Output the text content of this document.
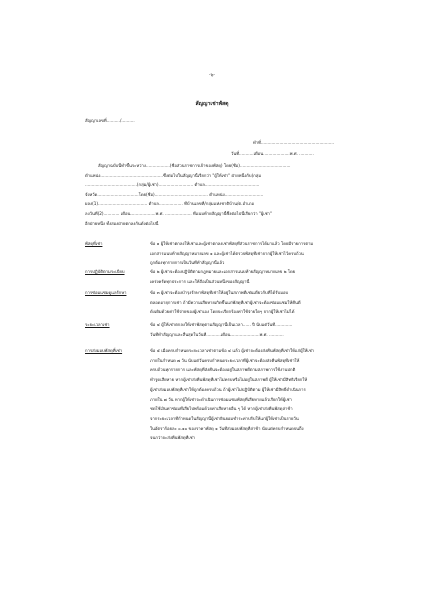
-๖-
สัญญาเช่าพัสดุ
สัญญาเลขที่........../..........
ทำที่.......................................................
วันที่...........เดือน....................พ.ศ. ...........
สัญญาฉบับนี้ทำขึ้นระหว่าง..................(ชื่อส่วนราชการเจ้าของพัสดุ) โดย(ชื่อ)......................................
ตำแหน่ง...............................................ซึ่งต่อไปในสัญญานี้เรียกว่า "ผู้ให้เช่า" ฝ่ายหนึ่งกับ(กลุ่ม
.......................................(กลุ่ม/ผู้เช่า).......................... ตำบล.........................................
จังหวัด...............................โดย(ชื่อ)........................................ ตำแหน่ง.............................
ผลง(1)..................................... ตำบล.................. ที่บ้านเลขที่/กลุ่มแห่งชาติบ้าน/ต.อำเภอ
ลงวันที่(2)............ เดือน...................พ.ศ. .................... ที่แนบท้ายสัญญานี้ซึ่งต่อไปนี้เรียกว่า "ผู้เช่า"
อีกฝ่ายหนึ่ง ทั้งสองฝ่ายตกลงกันดังต่อไปนี้
พัสดุที่เช่า	ข้อ ๑ ผู้ให้เช่าตกลงให้เช่าและผู้เช่าตกลงเช่าพัสดุที่ส่วนราชการได้มาแล้ว โดยมีรายการตาม
เอกสารแนบท้ายสัญญาหมายเลข ๑ และผู้เช่าได้ตรวจพัสดุที่เช่าจากผู้ให้เช่าไว้ครบถ้วน
ถูกต้องทุกรายการเป็นวันที่ทำสัญญานี้แล้ว
การปฏิบัติตามระเบียบ	ข้อ ๒ ผู้เช่าจะต้องปฏิบัติตามกฎหมายและเอกสารแนบท้ายสัญญาหมายเลข ๒ โดย
เคร่งครัดทุกประการ และให้ถือเป็นส่วนหนึ่งของสัญญานี้
การซ่อมแซมดูแลรักษา	ข้อ ๓ ผู้เช่าจะต้องบำรุงรักษาพัสดุที่เช่าให้อยู่ในสภาพดีเช่นเดียวกับที่ได้รับมอบ
ตลอดอายุการเช่า ถ้ามีความเสียหายเกิดขึ้นแก่พัสดุที่เช่าผู้เช่าจะต้องซ่อมแซมให้คืนดี
ดังเดิมด้วยค่าใช้จ่ายของผู้เช่าเอง โดยจะเรียกร้องค่าใช้จ่ายใดๆ จากผู้ให้เช่าไม่ได้
ระยะเวลาเช่า	ข้อ ๔ ผู้ให้เช่าตกลงให้เช่าพัสดุตามสัญญานี้เป็นเวลา...... ปี นับแต่วันที่.............
วันที่ทำสัญญาและสิ้นสุดในวันที่...........เดือน......................พ.ศ. ...........
การส่งมอบพัสดุที่เช่า	ข้อ ๕ เมื่อครบกำหนดระยะเวลาเช่าตามข้อ ๔ แล้ว ผู้เช่าจะต้องส่งคืนพัสดุที่เช่าให้แก่ผู้ให้เช่า
ภายในกำหนด ๗ วัน นับแต่วันครบกำหนดระยะเวลาที่ผู้เช่าจะต้องส่งคืนพัสดุที่เช่าให้
ครบถ้วนทุกรายการ และพัสดุที่ส่งคืนจะต้องอยู่ในสภาพดีตามสภาพการใช้งานปกติ
ทำรูดเสียหาย หากผู้เช่าส่งคืนพัสดุที่เช่าไม่ครบหรือไม่อยู่ในสภาพดี ผู้ให้เช่ามีสิทธิเรียกให้
ผู้เช่าส่งมอบพัสดุที่เช่าให้ถูกต้องครบถ้วน ถ้าผู้เช่าไม่ปฏิบัติตาม ผู้ให้เช่ามีสิทธิ์ดำเนินการ
ภายใน ๗ วัน หากผู้ให้เช่าจะดำเนินการซ่อมแซมพัสดุที่เสียหายแล้วเรียกให้ผู้เช่า
ชดใช้เงินค่าซ่อมที่เสียไปพร้อมด้วยค่าเสียหายอื่น ๆ ได้ หากผู้เช่าส่งคืนพัสดุล่าช้า
จากระยะเวลาที่กำหนดในสัญญานี้ผู้เช่ายินยอมชำระค่าปรับให้แก่ผู้ให้เช่าเป็นรายวัน
ในอัตราร้อยละ ๐.๑๐ ของราคาพัสดุ ๑ วันที่ส่งมอบพัสดุที่ล่าช้า นับแต่ครบกำหนดจนถึง
จนกว่าจะส่งคืนพัสดุที่เช่า
